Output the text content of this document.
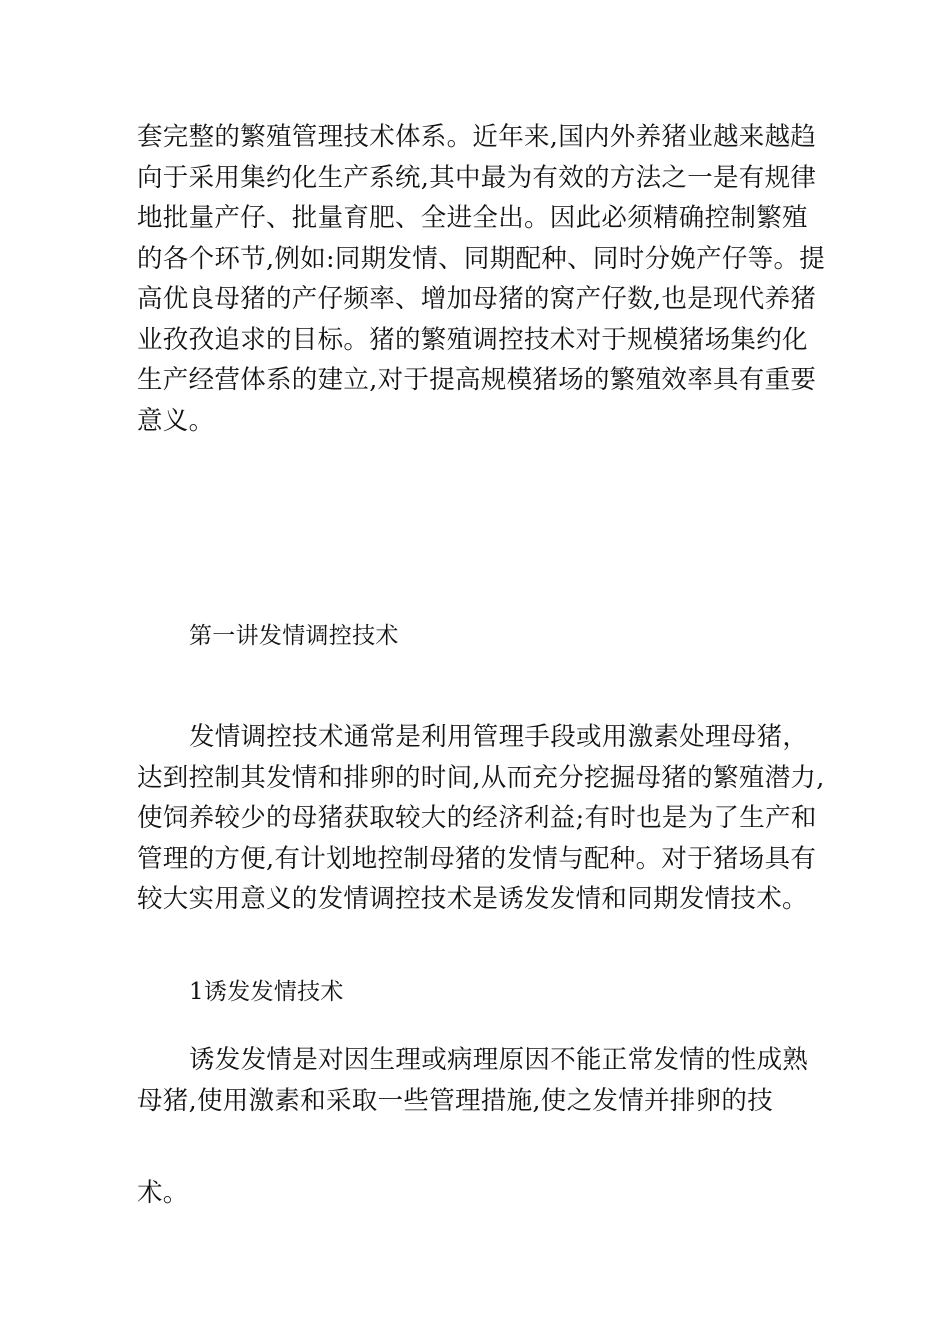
套完整的繁殖管理技术体系。近年来,国内外养猪业越来越趋
向于采用集约化生产系统,其中最为有效的方法之一是有规律
地批量产仔、批量育肥、全进全出。因此必须精确控制繁殖
的各个环节,例如:同期发情、同期配种、同时分娩产仔等。提
高优良母猪的产仔频率、增加母猪的窝产仔数,也是现代养猪
业孜孜追求的目标。猪的繁殖调控技术对于规模猪场集约化
生产经营体系的建立,对于提高规模猪场的繁殖效率具有重要
意义。
第一讲发情调控技术
发情调控技术通常是利用管理手段或用激素处理母猪，
达到控制其发情和排卵的时间,从而充分挖掘母猪的繁殖潜力,
使饲养较少的母猪获取较大的经济利益;有时也是为了生产和
管理的方便,有计划地控制母猪的发情与配种。对于猪场具有
较大实用意义的发情调控技术是诱发发情和同期发情技术。
1诱发发情技术
诱发发情是对因生理或病理原因不能正常发情的性成熟
母猪,使用激素和采取一些管理措施,使之发情并排卵的技
术。
